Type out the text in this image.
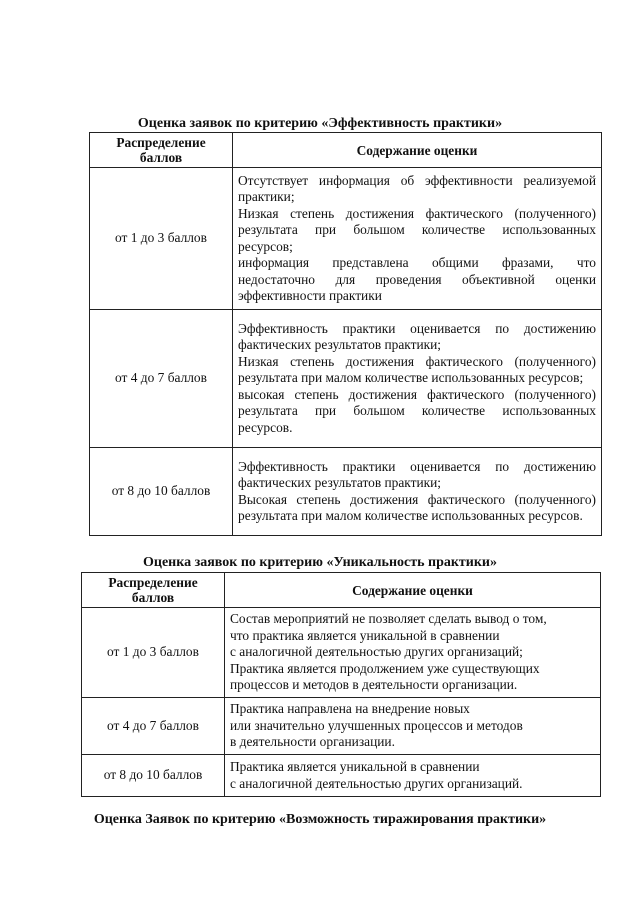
Оценка заявок по критерию «Эффективность практики»
Распределение баллов	Содержание оценки
от 1 до 3 баллов	Отсутствует информация об эффективности реализуемой практики;
Низкая степень достижения фактического (полученного) результата при большом количестве использованных ресурсов;
информация представлена общими фразами, что недостаточно для проведения объективной оценки эффективности практики

от 4 до 7 баллов	Эффективность практики оценивается по достижению фактических результатов практики;
Низкая степень достижения фактического (полученного) результата при малом количестве использованных ресурсов;
высокая степень достижения фактического (полученного) результата при большом количестве использованных ресурсов.

от 8 до 10 баллов	Эффективность практики оценивается по достижению фактических результатов практики;
Высокая степень достижения фактического (полученного) результата при малом количестве использованных ресурсов.
Оценка заявок по критерию «Уникальность практики»
Распределение баллов	Содержание оценки
от 1 до 3 баллов	Состав мероприятий не позволяет сделать вывод о том,
что практика является уникальной в сравнении
с аналогичной деятельностью других организаций;
Практика является продолжением уже существующих
процессов и методов в деятельности организации.

от 4 до 7 баллов	Практика направлена на внедрение новых
или значительно улучшенных процессов и методов
в деятельности организации.

от 8 до 10 баллов	Практика является уникальной в сравнении
с аналогичной деятельностью других организаций.
Оценка Заявок по критерию «Возможность тиражирования практики»
